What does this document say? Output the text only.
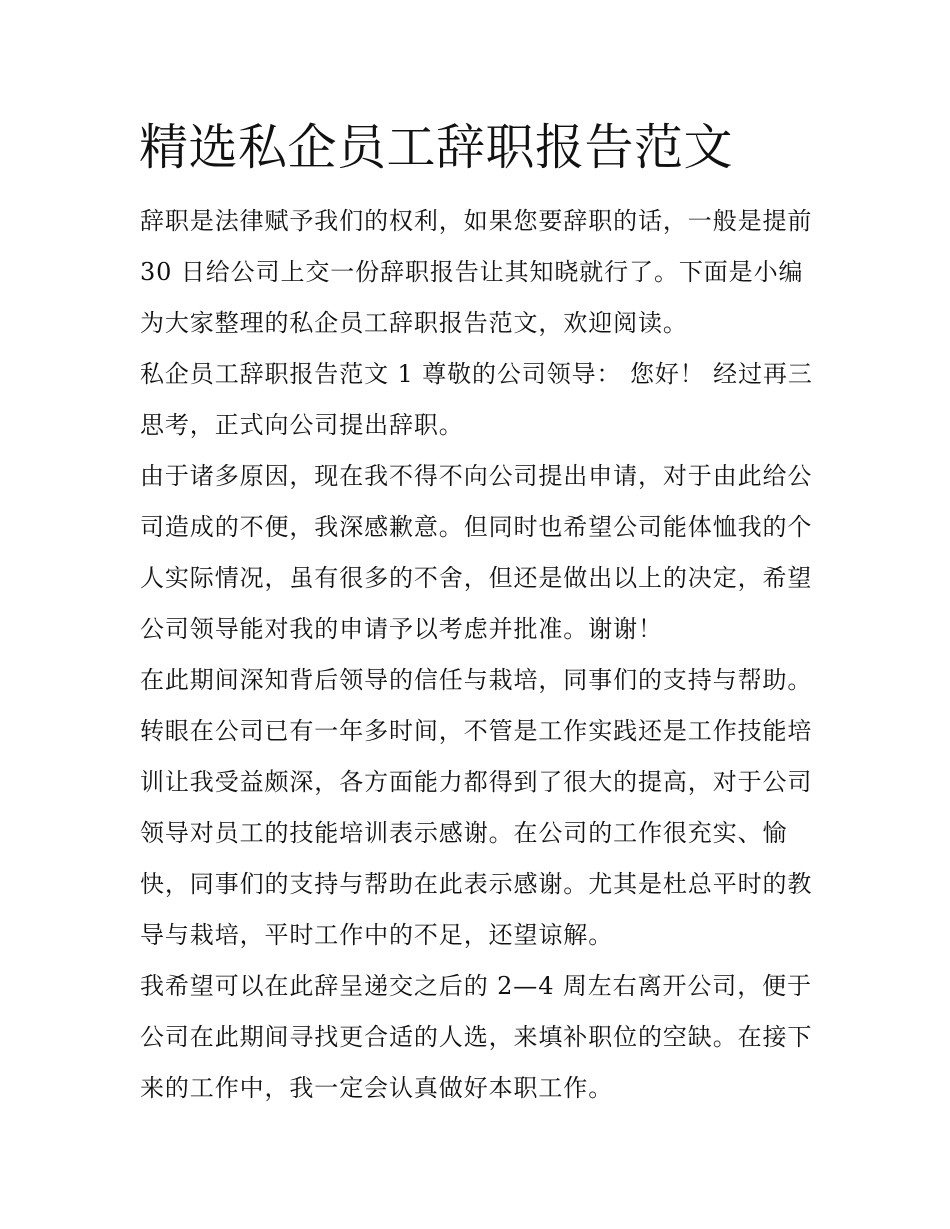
精选私企员工辞职报告范文
辞职是法律赋予我们的权利，如果您要辞职的话，一般是提前
30 日给公司上交一份辞职报告让其知晓就行了。下面是小编
为大家整理的私企员工辞职报告范文，欢迎阅读。
私企员工辞职报告范文 1 尊敬的公司领导： 您好！ 经过再三
思考，正式向公司提出辞职。
由于诸多原因，现在我不得不向公司提出申请，对于由此给公
司造成的不便，我深感歉意。但同时也希望公司能体恤我的个
人实际情况，虽有很多的不舍，但还是做出以上的决定，希望
公司领导能对我的申请予以考虑并批准。谢谢！
在此期间深知背后领导的信任与栽培，同事们的支持与帮助。
转眼在公司已有一年多时间，不管是工作实践还是工作技能培
训让我受益颇深，各方面能力都得到了很大的提高，对于公司
领导对员工的技能培训表示感谢。在公司的工作很充实、愉
快，同事们的支持与帮助在此表示感谢。尤其是杜总平时的教
导与栽培，平时工作中的不足，还望谅解。
我希望可以在此辞呈递交之后的 2—4 周左右离开公司，便于
公司在此期间寻找更合适的人选，来填补职位的空缺。在接下
来的工作中，我一定会认真做好本职工作。
